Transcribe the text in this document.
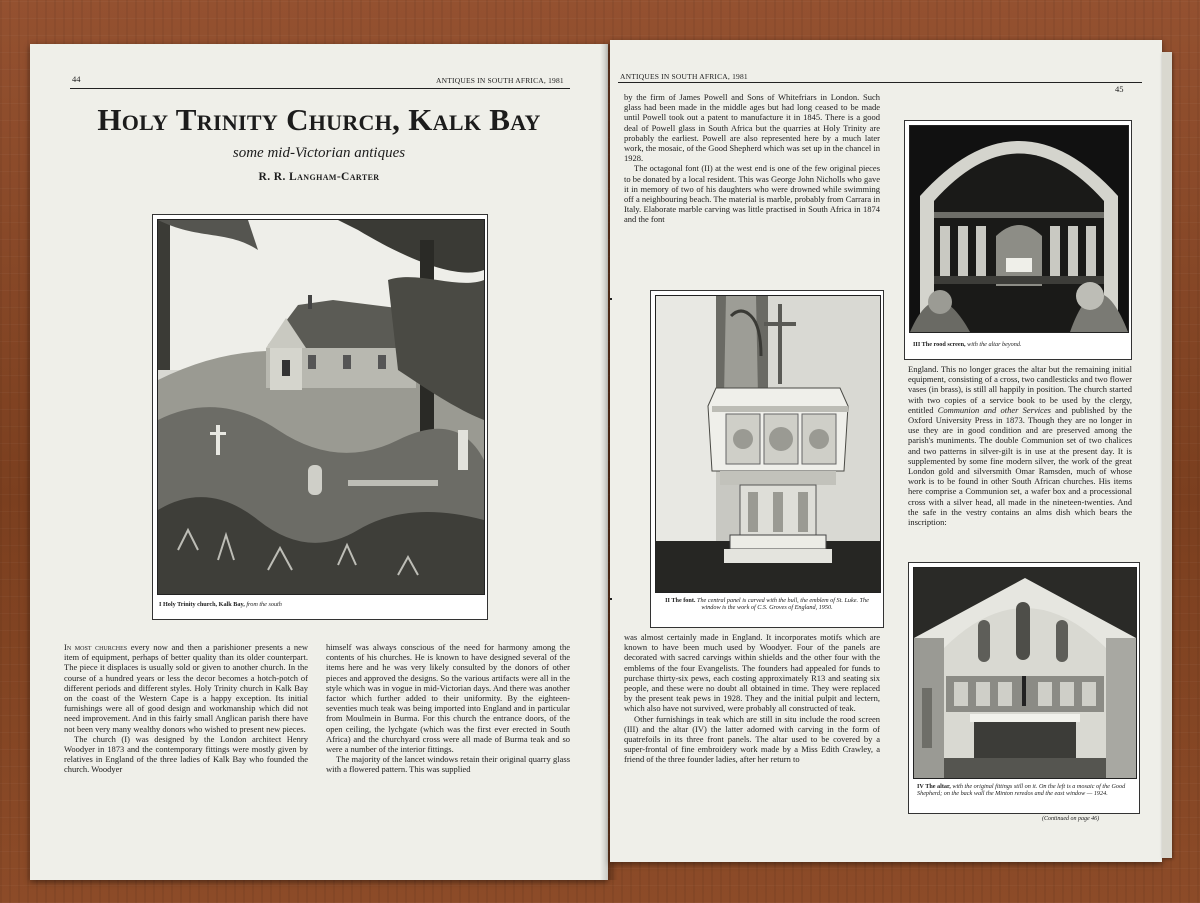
44	ANTIQUES IN SOUTH AFRICA, 1981
Holy Trinity Church, Kalk Bay
some mid-Victorian antiques
R. R. Langham-Carter
I Holy Trinity church, Kalk Bay, from the south

In most churches every now and then a parishioner presents a new item of equipment, perhaps of better quality than its older counterpart. The piece it displaces is usually sold or given to another church. In the course of a hundred years or less the decor becomes a hotch-potch of different periods and different styles. Holy Trinity church in Kalk Bay on the coast of the Western Cape is a happy exception. Its initial furnishings were all of good design and workmanship which did not need improvement. And in this fairly small Anglican parish there have not been very many wealthy donors who wished to present new pieces.

The church (I) was designed by the London architect Henry Woodyer in 1873 and the contemporary fittings were mostly given by relatives in England of the three ladies of Kalk Bay who founded the church. Woodyer

himself was always conscious of the need for harmony among the contents of his churches. He is known to have designed several of the items here and he was very likely consulted by the donors of other pieces and approved the designs. So the various artifacts were all in the style which was in vogue in mid-Victorian days. And there was another factor which further added to their uniformity. By the eighteen-seventies much teak was being imported into England and in particular from Moulmein in Burma. For this church the entrance doors, of the open ceiling, the lychgate (which was the first ever erected in South Africa) and the churchyard cross were all made of Burma teak and so were a number of the interior fittings.

The majority of the lancet windows retain their original quarry glass with a flowered pattern. This was supplied

ANTIQUES IN SOUTH AFRICA, 1981
45

by the firm of James Powell and Sons of Whitefriars in London. Such glass had been made in the middle ages but had long ceased to be made until Powell took out a patent to manufacture it in 1845. There is a good deal of Powell glass in South Africa but the quarries at Holy Trinity are probably the earliest. Powell are also represented here by a much later work, the mosaic, of the Good Shepherd which was set up in the chancel in 1928.

The octagonal font (II) at the west end is one of the few original pieces to be donated by a local resident. This was George John Nicholls who gave it in memory of two of his daughters who were drowned while swimming off a neighbouring beach. The material is marble, probably from Carrara in Italy. Elaborate marble carving was little practised in South Africa in 1874 and the font

II The font. The central panel is carved with the bull, the emblem of St. Luke. The window is the work of C.S. Groves of England, 1950.

was almost certainly made in England. It incorporates motifs which are known to have been much used by Woodyer. Four of the panels are decorated with sacred carvings within shields and the other four with the emblems of the four Evangelists. The founders had appealed for funds to purchase thirty-six pews, each costing approximately R13 and seating six people, and these were no doubt all obtained in time. They were replaced by the present teak pews in 1928. They and the initial pulpit and lectern, which also have not survived, were probably all constructed of teak.

Other furnishings in teak which are still in situ include the rood screen (III) and the altar (IV) the latter adorned with carving in the form of quatrefoils in its three front panels. The altar used to be covered by a super-frontal of fine embroidery work made by a Miss Edith Crawley, a friend of the three founder ladies, after her return to

III The rood screen, with the altar beyond.

England. This no longer graces the altar but the remaining initial equipment, consisting of a cross, two candlesticks and two flower vases (in brass), is still all happily in position. The church started with two copies of a service book to be used by the clergy, entitled Communion and other Services and published by the Oxford University Press in 1873. Though they are no longer in use they are in good condition and are preserved among the parish's muniments. The double Communion set of two chalices and two patterns in silver-gilt is in use at the present day. It is supplemented by some fine modern silver, the work of the great London gold and silversmith Omar Ramsden, much of whose work is to be found in other South African churches. His items here comprise a Communion set, a wafer box and a processional cross with a silver head, all made in the nineteen-twenties. And the safe in the vestry contains an alms dish which bears the inscription:

IV The altar, with the original fittings still on it. On the left is a mosaic of the Good Shepherd; on the back wall the Minton reredos and the east window — 1924.
(Continued on page 46)
